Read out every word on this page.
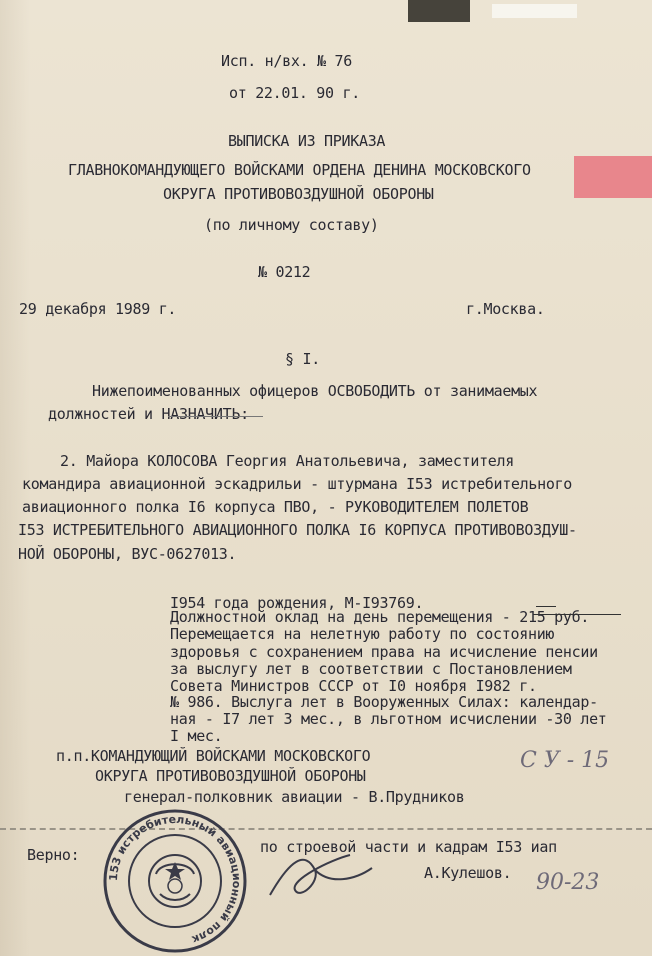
Исп. н/вх. № 76
от 22.01. 90 г.
ВЫПИСКА ИЗ ПРИКАЗА
ГЛАВНОКОМАНДУЮЩЕГО ВОЙСКАМИ ОРДЕНА ДЕНИНА МОСКОВСКОГО
ОКРУГА ПРОТИВОВОЗДУШНОЙ ОБОРОНЫ
(по личному составу)
№ 0212
29 декабря 1989 г.	г.Москва.
§ I.
Нижепоименованных офицеров ОСВОБОДИТЬ от занимаемых
должностей и НАЗНАЧИТЬ:
2. Майора КОЛОСОВА Георгия Анатольевича, заместителя
командира авиационной эскадрильи - штурмана I53 истребительного
авиационного полка I6 корпуса ПВО, - РУКОВОДИТЕЛЕМ ПОЛЕТОВ
I53 ИСТРЕБИТЕЛЬНОГО АВИАЦИОННОГО ПОЛКА I6 КОРПУСА ПРОТИВОВОЗДУШ-
НОЙ ОБОРОНЫ, ВУС-0627013.
I954 года рождения, М-I93769.
Должностной оклад на день перемещения - 215 руб.
Перемещается на нелетную работу по состоянию
здоровья с сохранением права на исчисление пенсии
за выслугу лет в соответствии с Постановлением
Совета Министров СССР от I0 ноября I982 г.
№ 986. Выслуга лет в Вооруженных Силах: календар-
ная - I7 лет 3 мес., в льготном исчислении -30 лет
I мес.
п.п.КОМАНДУЮЩИЙ ВОЙСКАМИ МОСКОВСКОГО
ОКРУГА ПРОТИВОВОЗДУШНОЙ ОБОРОНЫ
генерал-полковник авиации - В.Прудников
С У - 15
Верно:	по строевой части и кадрам I53 иап
А.Кулешов. 90-23
153 истребительный авиационный полк
